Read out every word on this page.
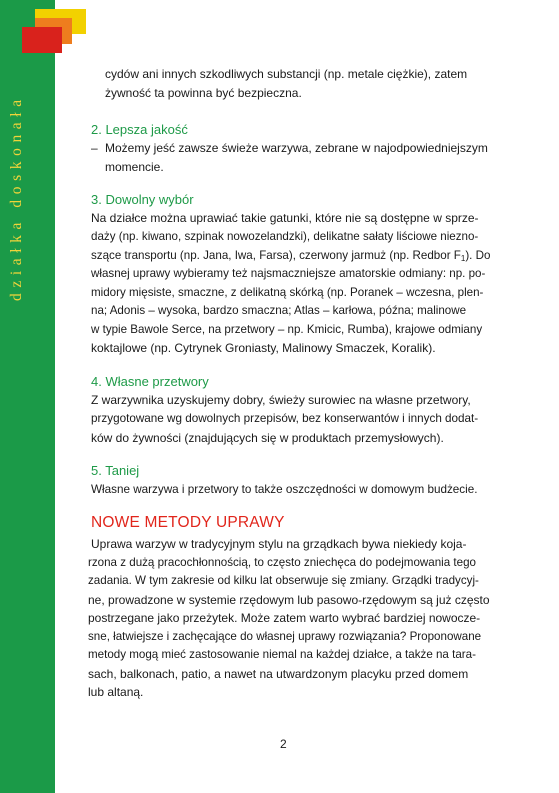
działka doskonała
cydów ani innych szkodliwych substancji (np. metale ciężkie), zatem
żywność ta powinna być bezpieczna.
2. Lepsza jakość
– Możemy jeść zawsze świeże warzywa, zebrane w najodpowiedniejszym
momencie.
3. Dowolny wybór
Na działce można uprawiać takie gatunki, które nie są dostępne w sprze-
daży (np. kiwano, szpinak nowozelandzki), delikatne sałaty liściowe niezno-
szące transportu (np. Jana, Iwa, Farsa), czerwony jarmuż (np. Redbor $F_1$). Do
własnej uprawy wybieramy też najsmaczniejsze amatorskie odmiany: np. po-
midory mięsiste, smaczne, z delikatną skórką (np. Poranek – wczesna, plen-
na; Adonis – wysoka, bardzo smaczna; Atlas – karłowa, późna; malinowe
w typie Bawole Serce, na przetwory – np. Kmicic, Rumba), krajowe odmiany
koktajlowe (np. Cytrynek Groniasty, Malinowy Smaczek, Koralik).
4. Własne przetwory
Z warzywnika uzyskujemy dobry, świeży surowiec na własne przetwory,
przygotowane wg dowolnych przepisów, bez konserwantów i innych dodat-
ków do żywności (znajdujących się w produktach przemysłowych).
5. Taniej
Własne warzywa i przetwory to także oszczędności w domowym budżecie.
NOWE METODY UPRAWY
Uprawa warzyw w tradycyjnym stylu na grządkach bywa niekiedy koja-
rzona z dużą pracochłonnością, to często zniechęca do podejmowania tego
zadania. W tym zakresie od kilku lat obserwuje się zmiany. Grządki tradycyj-
ne, prowadzone w systemie rzędowym lub pasowo-rzędowym są już często
postrzegane jako przeżytek. Może zatem warto wybrać bardziej nowocze-
sne, łatwiejsze i zachęcające do własnej uprawy rozwiązania? Proponowane
metody mogą mieć zastosowanie niemal na każdej działce, a także na tara-
sach, balkonach, patio, a nawet na utwardzonym placyku przed domem
lub altaną.
2
